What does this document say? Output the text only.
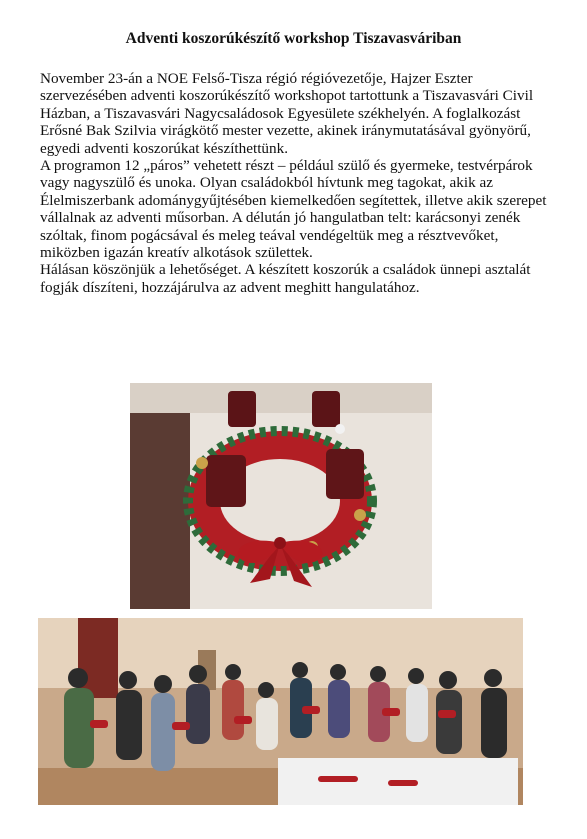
Adventi koszorúkészítő workshop Tiszavasváriban

November 23-án a NOE Felső-Tisza régió régióvezetője, Hajzer Eszter szervezésében adventi koszorúkészítő workshopot tartottunk a Tiszavasvári Civil Házban, a Tiszavasvári Nagycsaládosok Egyesülete székhelyén. A foglalkozást Erősné Bak Szilvia virágkötő mester vezette, akinek iránymutatásával gyönyörű, egyedi adventi koszorúkat készíthettünk.

A programon 12 „páros” vehetett részt – például szülő és gyermeke, testvérpárok vagy nagyszülő és unoka. Olyan családokból hívtunk meg tagokat, akik az Élelmiszerbank adománygyűjtésében kiemelkedően segítettek, illetve akik szerepet vállalnak az adventi műsorban. A délután jó hangulatban telt: karácsonyi zenék szóltak, finom pogácsával és meleg teával vendégeltük meg a résztvevőket, miközben igazán kreatív alkotások születtek.

Hálásan köszönjük a lehetőséget. A készített koszorúk a családok ünnepi asztalát fogják díszíteni, hozzájárulva az advent meghitt hangulatához.
